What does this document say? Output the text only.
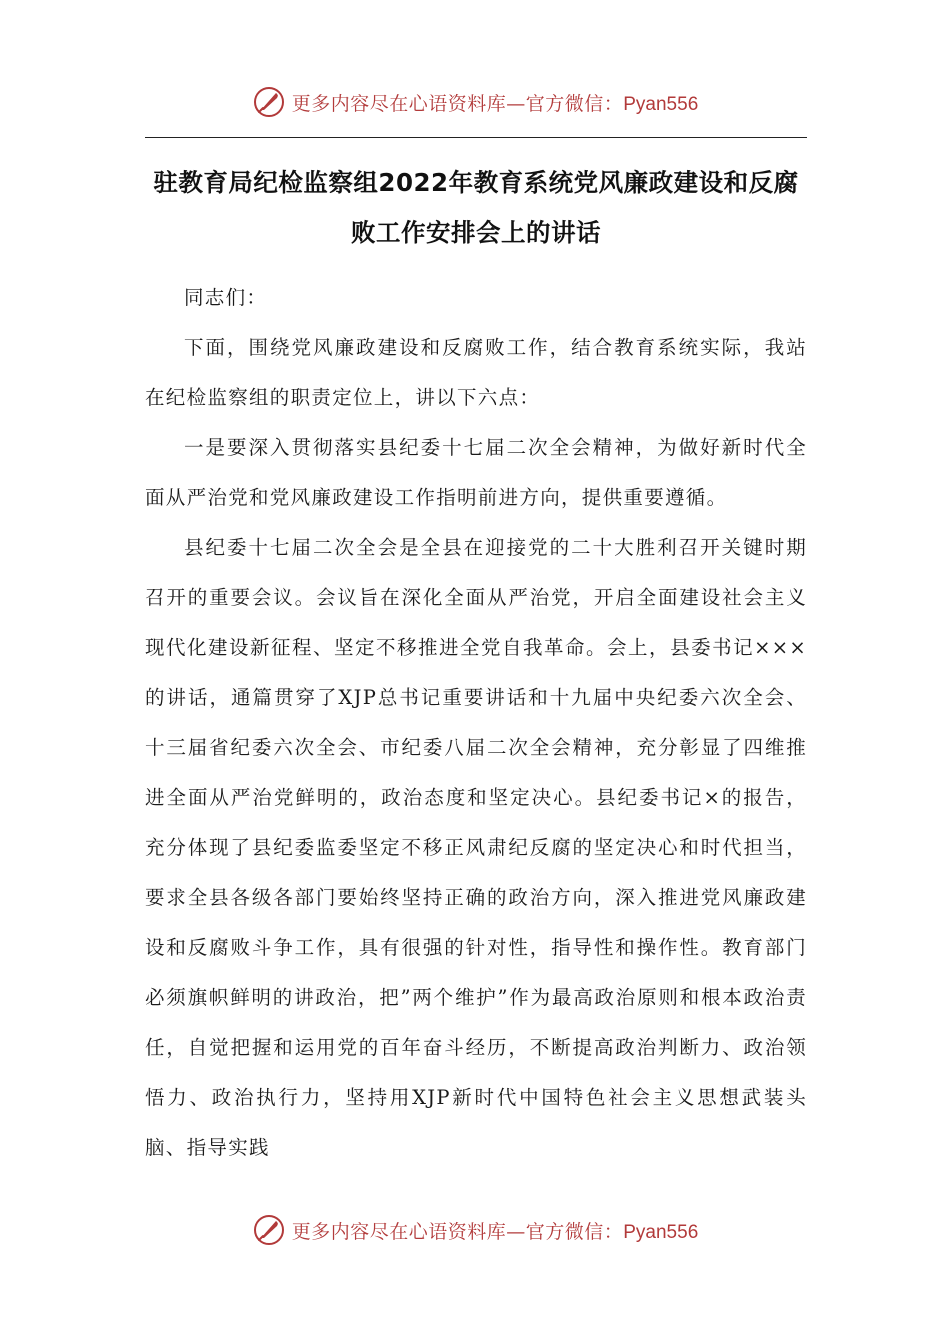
更多内容尽在心语资料库—官方微信：Pyan556
驻教育局纪检监察组2022年教育系统党风廉政建设和反腐败工作安排会上的讲话

同志们：

下面，围绕党风廉政建设和反腐败工作，结合教育系统实际，我站在纪检监察组的职责定位上，讲以下六点：

一是要深入贯彻落实县纪委十七届二次全会精神，为做好新时代全面从严治党和党风廉政建设工作指明前进方向，提供重要遵循。

县纪委十七届二次全会是全县在迎接党的二十大胜利召开关键时期召开的重要会议。会议旨在深化全面从严治党，开启全面建设社会主义现代化建设新征程、坚定不移推进全党自我革命。会上，县委书记×××的讲话，通篇贯穿了XJP总书记重要讲话和十九届中央纪委六次全会、十三届省纪委六次全会、市纪委八届二次全会精神，充分彰显了四维推进全面从严治党鲜明的，政治态度和坚定决心。县纪委书记×的报告，充分体现了县纪委监委坚定不移正风肃纪反腐的坚定决心和时代担当，要求全县各级各部门要始终坚持正确的政治方向，深入推进党风廉政建设和反腐败斗争工作，具有很强的针对性，指导性和操作性。教育部门必须旗帜鲜明的讲政治，把”两个维护”作为最高政治原则和根本政治责任，自觉把握和运用党的百年奋斗经历，不断提高政治判断力、政治领悟力、政治执行力，坚持用XJP新时代中国特色社会主义思想武装头脑、指导实践

更多内容尽在心语资料库—官方微信：Pyan556
